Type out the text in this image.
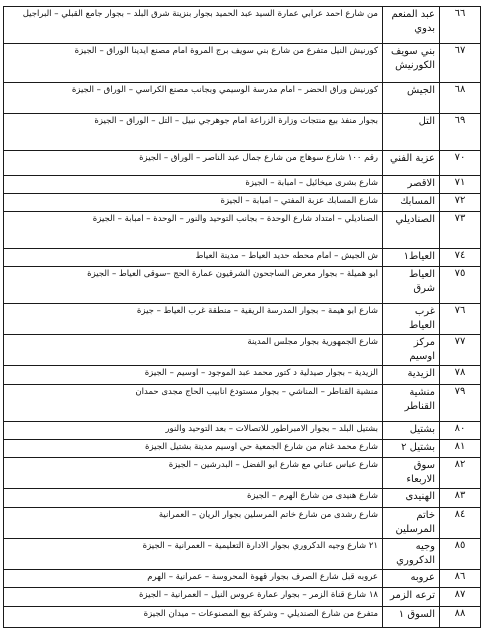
٦٦	عبد المنعم بدوي	من شارع احمد عرابي عمارة السيد عبد الحميد بجوار بنزينة شرق البلد – بجوار جامع القبلي – البراجيل
٦٧	بني سويف الكورنيش	كورنيش النيل متفرع من شارع بني سويف برج المروة امام مصنع ايدينا الوراق – الجيزة
٦٨	الجيش	كورنيش وراق الحضر – امام مدرسة الوسيمي وبجانب مصنع الكراسي – الوراق – الجيزة
٦٩	التل	بجوار منفذ بيع منتجات وزارة الزراعة امام جوهرجي نبيل – التل – الوراق – الجيزة
٧٠	عزبة الفني	رقم ١٠٠ شارع سوهاج من شارع جمال عبد الناصر – الوراق – الجيزة
٧١	الاقصر	شارع بشرى ميخائيل – امبابة – الجيزة
٧٢	المسابك	شارع المسابك عزبة المفتي – امبابة – الجيزة
٧٣	الصناديلي	الصناديلي – امتداد شارع الوحدة – بجانب التوحيد والنور – الوحدة – امبابة – الجيزة
٧٤	العياط١	ش الجيش – امام محطه حديد العياط – مدينة العياط
٧٥	العياط شرق	ابو هميلة – بجوار معرض الساجحون الشرقيون عمارة الحج –سوقى العياط – الجيزة
٧٦	غرب العياط	شارع ابو هيمة – بجوار المدرسة الريفية – منطقة غرب العياط – جيزة
٧٧	مركز اوسيم	شارع الجمهورية بجوار مجلس المدينة
٧٨	الزيدية	الزيدية – بجوار صيدلية د كتور محمد عبد الموجود – اوسيم – الجيزة
٧٩	منشية القناطر	منشية القناطر – المناشي – بجوار مستودع انابيب الحاج مجدى حمدان
٨٠	بشتيل	بشتيل البلد – بجوار الامبراطور للاتصالات – بعد التوحيد والنور
٨١	بشتيل ٢	شارع محمد غنام من شارع الجمعية حي اوسيم مدينة بشتيل الجيزة
٨٢	سوق الاربعاء	شارع عباس عناني مع شارع ابو الفضل – البدرشين – الجيزة
٨٣	الهنيدى	شارع هنيدى من شارع الهرم – الجيزة
٨٤	خاتم المرسلين	شارع رشدى من شارع خاتم المرسلين بجوار الريان – العمرانية
٨٥	وجيه الدكروري	٢١ شارع وجيه الدكروري بجوار الادارة التعليمية – العمرانية – الجيزة
٨٦	عروبه	عروبه قبل شارع الصرف بجوار قهوة المحروسة – عمرانية – الهرم
٨٧	ترعه الزمر	١٨ شارع قناة الزمر – بجوار عمارة عروس النيل – العمرانية – الجيزة
٨٨	السوق ١	متفرع من شارع الصنديلي – وشركة بيع المصنوعات – ميدان الجيزة
